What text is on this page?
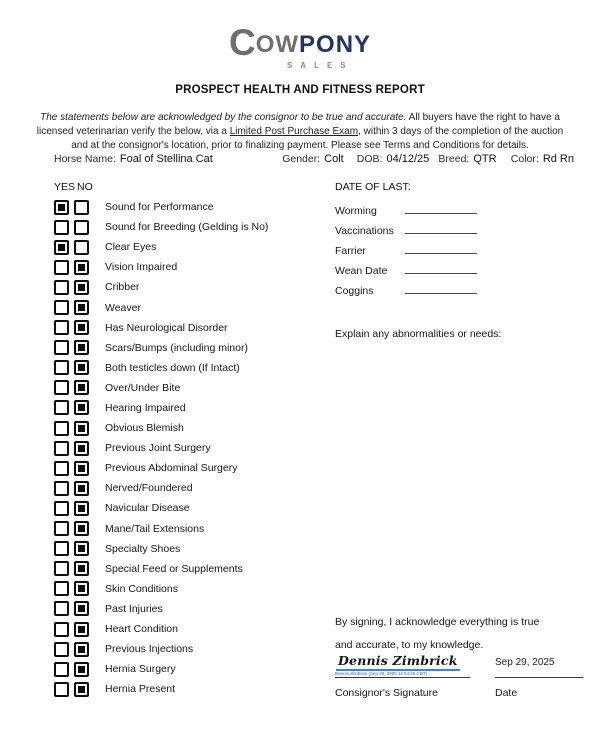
COWPONY
SALES
PROSPECT HEALTH AND FITNESS REPORT
The statements below are acknowledged by the consignor to be true and accurate. All buyers have the right to have a licensed veterinarian verify the below, via a Limited Post Purchase Exam, within 3 days of the completion of the auction and at the consignor's location, prior to finalizing payment. Please see Terms and Conditions for details.
Horse Name: Foal of Stellina Cat	Gender: Colt DOB: 04/12/25 Breed: QTR Color: Rd Rn
YES NO
Sound for Performance
Sound for Breeding (Gelding is No)
Clear Eyes
Vision Impaired
Cribber
Weaver
Has Neurological Disorder
Scars/Bumps (including minor)
Both testicles down (If Intact)
Over/Under Bite
Hearing Impaired
Obvious Blemish
Previous Joint Surgery
Previous Abdominal Surgery
Nerved/Foundered
Navicular Disease
Mane/Tail Extensions
Specialty Shoes
Special Feed or Supplements
Skin Conditions
Past Injuries
Heart Condition
Previous Injections
Hernia Surgery
Hernia Present
DATE OF LAST:
Worming
Vaccinations
Farrier
Wean Date
Coggins
Explain any abnormalities or needs:
By signing, I acknowledge everything is true
and accurate, to my knowledge.
Dennis Zimbrick
Dennis Zimbrick (Sep 29, 2025 11:54:26 CDT)
Sep 29, 2025
Consignor's Signature	Date
